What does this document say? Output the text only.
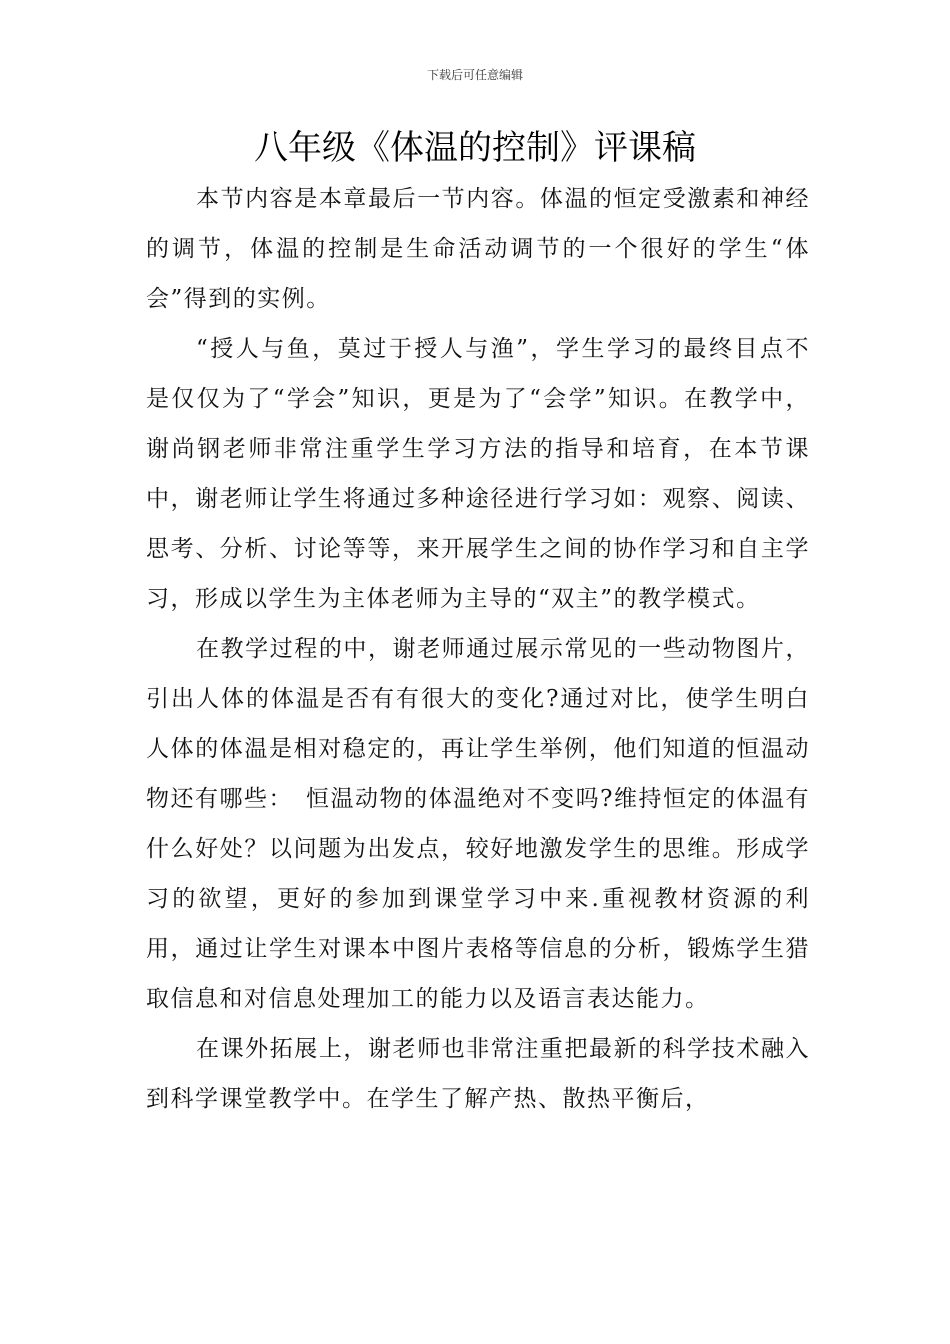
下载后可任意编辑
八年级《体温的控制》评课稿

本节内容是本章最后一节内容。体温的恒定受激素和神经的调节，体温的控制是生命活动调节的一个很好的学生“体会”得到的实例。

“授人与鱼，莫过于授人与渔”，学生学习的最终目点不是仅仅为了“学会”知识，更是为了“会学”知识。在教学中，谢尚钢老师非常注重学生学习方法的指导和培育，在本节课中，谢老师让学生将通过多种途径进行学习如：观察、阅读、思考、分析、讨论等等，来开展学生之间的协作学习和自主学习，形成以学生为主体老师为主导的“双主”的教学模式。

在教学过程的中，谢老师通过展示常见的一些动物图片，引出人体的体温是否有有很大的变化?通过对比，使学生明白人体的体温是相对稳定的，再让学生举例，他们知道的恒温动物还有哪些：　恒温动物的体温绝对不变吗?维持恒定的体温有什么好处？以问题为出发点，较好地激发学生的思维。形成学习的欲望，更好的参加到课堂学习中来.重视教材资源的利用，通过让学生对课本中图片表格等信息的分析，锻炼学生猎取信息和对信息处理加工的能力以及语言表达能力。

在课外拓展上，谢老师也非常注重把最新的科学技术融入到科学课堂教学中。在学生了解产热、散热平衡后，
